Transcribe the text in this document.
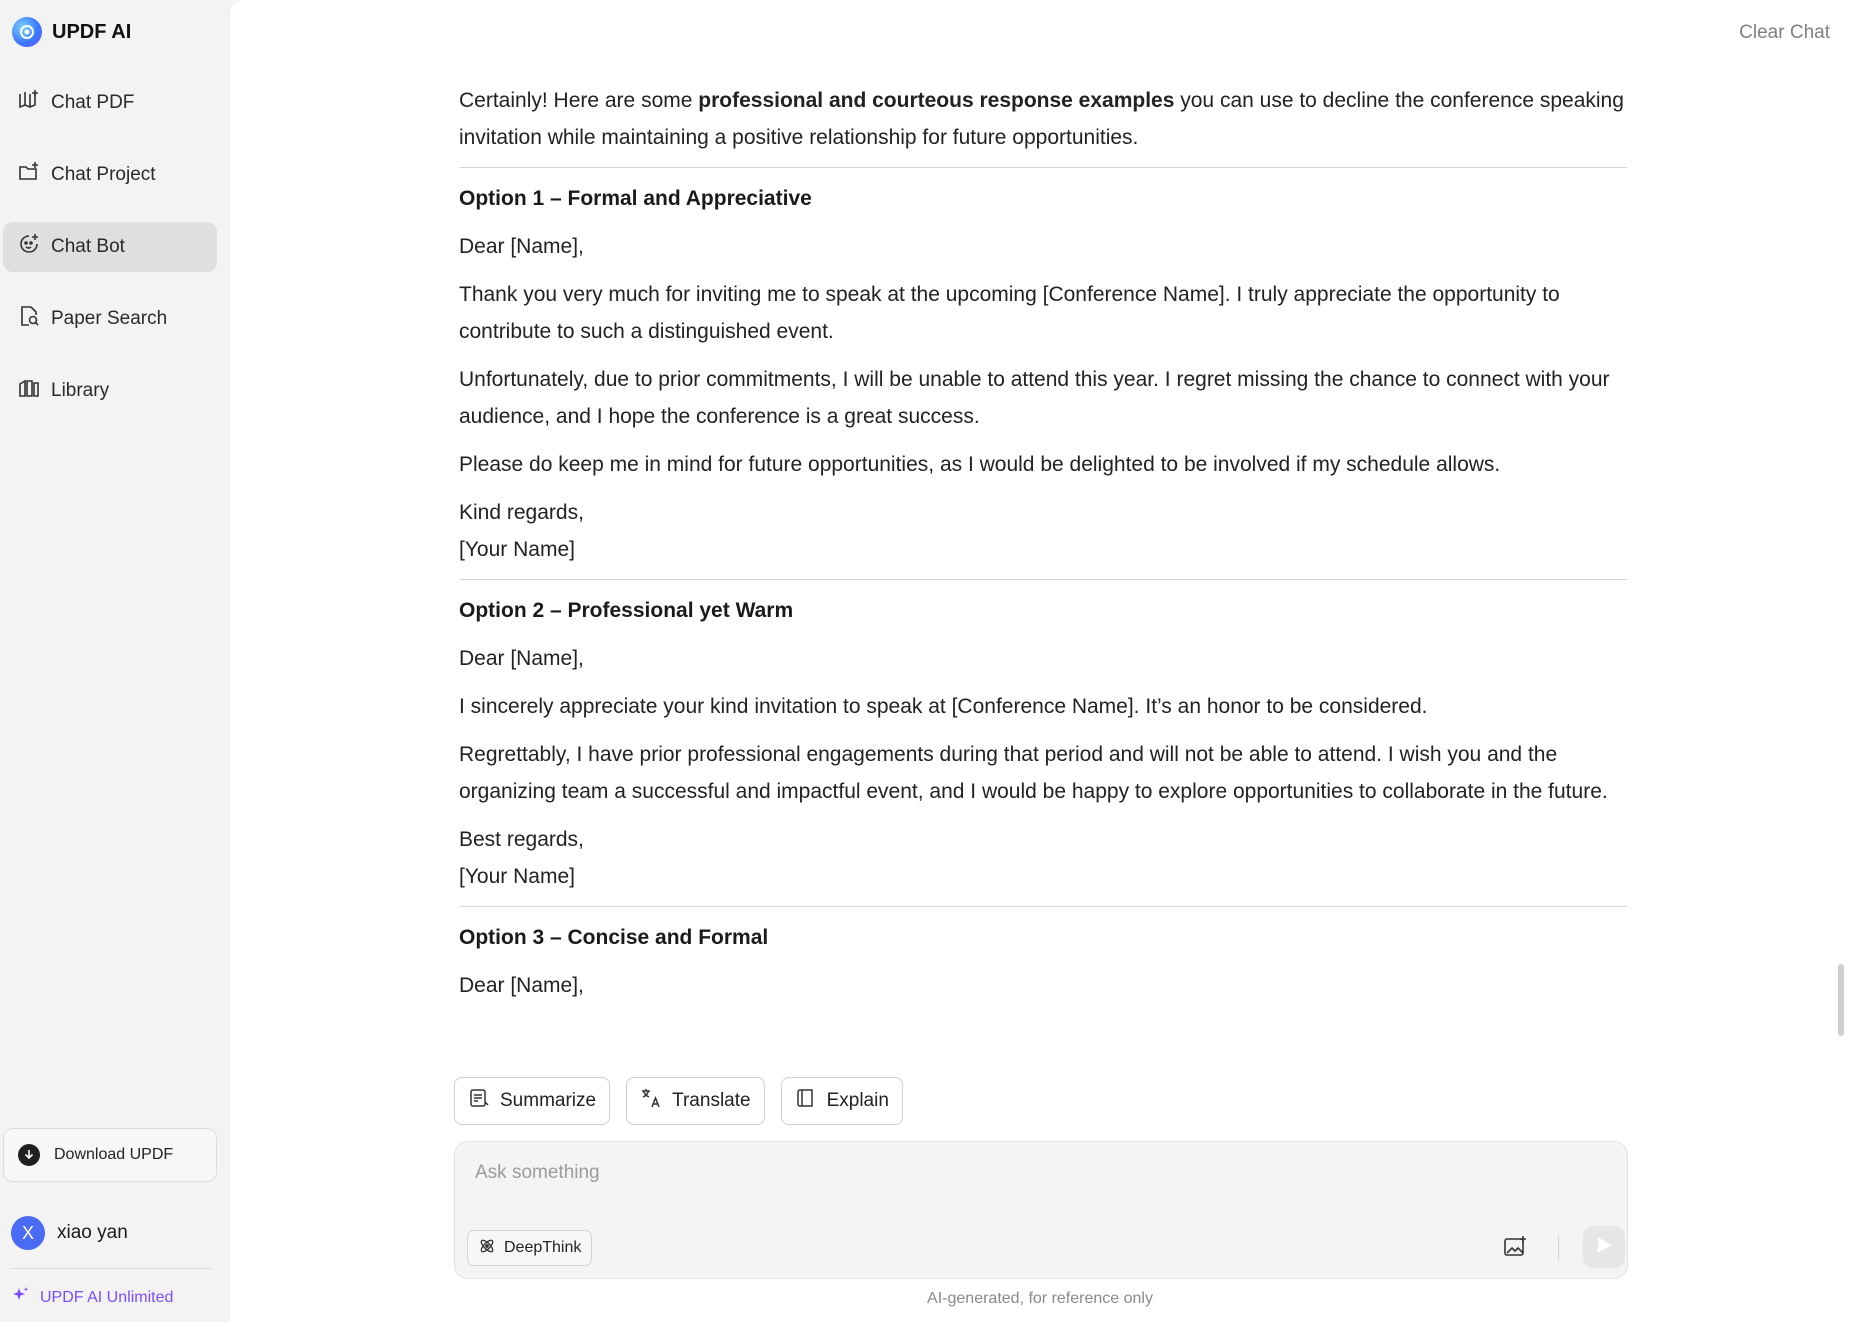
UPDF AI
Chat PDF
Chat Project
Chat Bot
Paper Search
Library
Download UPDF
X	xiao yan
UPDF AI Unlimited
Clear Chat

Certainly! Here are some professional and courteous response examples you can use to decline the conference speaking invitation while maintaining a positive relationship for future opportunities.

Option 1 – Formal and Appreciative

Dear [Name],

Thank you very much for inviting me to speak at the upcoming [Conference Name]. I truly appreciate the opportunity to contribute to such a distinguished event.

Unfortunately, due to prior commitments, I will be unable to attend this year. I regret missing the chance to connect with your audience, and I hope the conference is a great success.

Please do keep me in mind for future opportunities, as I would be delighted to be involved if my schedule allows.

Kind regards,

[Your Name]

Option 2 – Professional yet Warm

Dear [Name],

I sincerely appreciate your kind invitation to speak at [Conference Name]. It’s an honor to be considered.

Regrettably, I have prior professional engagements during that period and will not be able to attend. I wish you and the organizing team a successful and impactful event, and I would be happy to explore opportunities to collaborate in the future.

Best regards,

[Your Name]

Option 3 – Concise and Formal

Dear [Name],

Summarize	Translate	Explain
Ask something
DeepThink
AI-generated, for reference only
